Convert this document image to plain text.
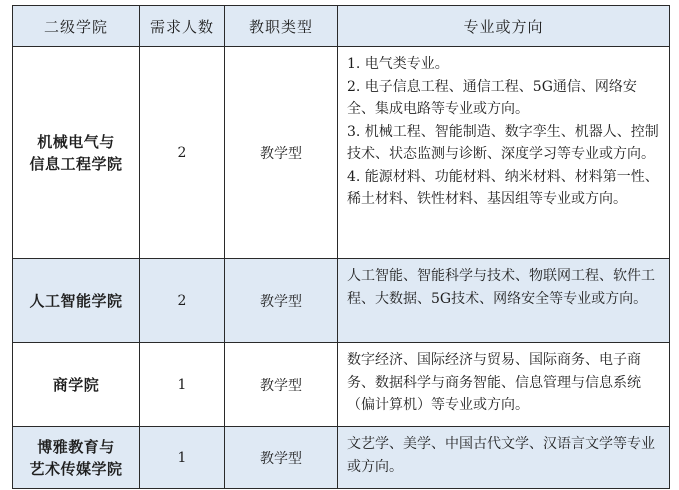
二级学院	需求人数	教职类型	专业或方向

机械电气与
信息工程学院	2	教学型	1. 电气类专业。
2. 电子信息工程、通信工程、5G通信、网络安全、集成电路等专业或方向。
3. 机械工程、智能制造、数字孪生、机器人、控制技术、状态监测与诊断、深度学习等专业或方向。
4. 能源材料、功能材料、纳米材料、材料第一性、稀土材料、铁性材料、基因组等专业或方向。

人工智能学院	2	教学型	人工智能、智能科学与技术、物联网工程、软件工程、大数据、5G技术、网络安全等专业或方向。

商学院	1	教学型	数字经济、国际经济与贸易、国际商务、电子商务、数据科学与商务智能、信息管理与信息系统（偏计算机）等专业或方向。

博雅教育与
艺术传媒学院	1	教学型	文艺学、美学、中国古代文学、汉语言文学等专业或方向。
